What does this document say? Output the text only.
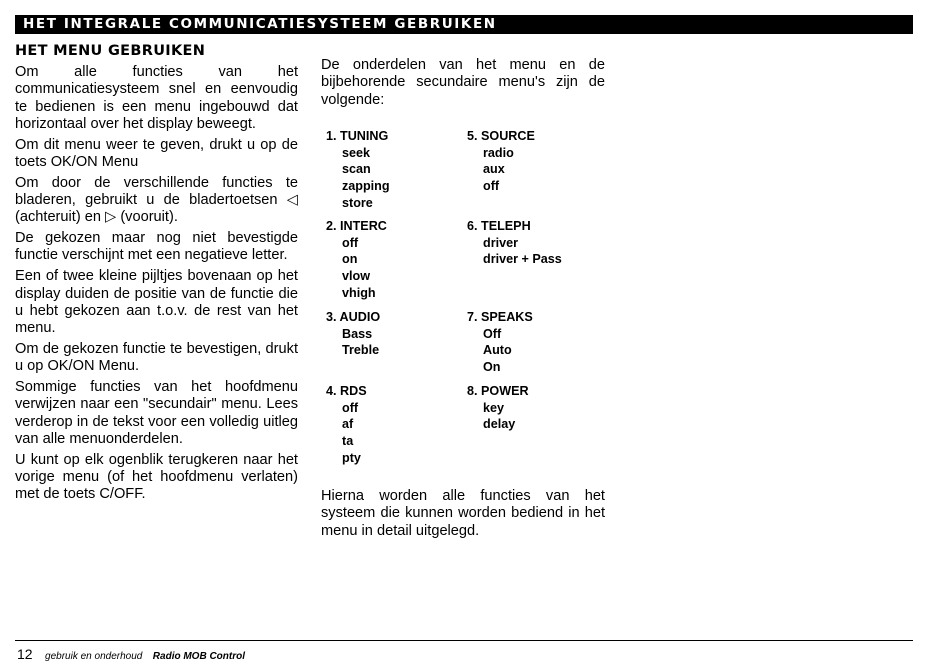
HET INTEGRALE COMMUNICATIESYSTEEM GEBRUIKEN
HET MENU GEBRUIKEN

Om alle functies van het communicatiesysteem snel en eenvoudig te bedienen is een menu ingebouwd dat horizontaal over het display beweegt.

Om dit menu weer te geven, drukt u op de toets OK/ON Menu

Om door de verschillende functies te bladeren, gebruikt u de bladertoetsen ◁ (achteruit) en ▷ (vooruit).

De gekozen maar nog niet bevestigde functie verschijnt met een negatieve letter.

Een of twee kleine pijltjes bovenaan op het display duiden de positie van de functie die u hebt gekozen aan t.o.v. de rest van het menu.

Om de gekozen functie te bevestigen, drukt u op OK/ON Menu.

Sommige functies van het hoofdmenu verwijzen naar een "secundair" menu. Lees verderop in de tekst voor een volledig uitleg van alle menuonderdelen.

U kunt op elk ogenblik terugkeren naar het vorige menu (of het hoofdmenu verlaten) met de toets C/OFF.

De onderdelen van het menu en de bijbehorende secundaire menu's zijn de volgende:

1. TUNING
seek
scan
zapping
store
2. INTERC
off
on
vlow
vhigh
3. AUDIO
Bass
Treble
4. RDS
off
af
ta
pty
5. SOURCE
radio
aux
off
6. TELEPH
driver
driver + Pass
7. SPEAKS
Off
Auto
On
8. POWER
key
delay

Hierna worden alle functies van het systeem die kunnen worden bediend in het menu in detail uitgelegd.

12 gebruik en onderhoud Radio MOB Control
